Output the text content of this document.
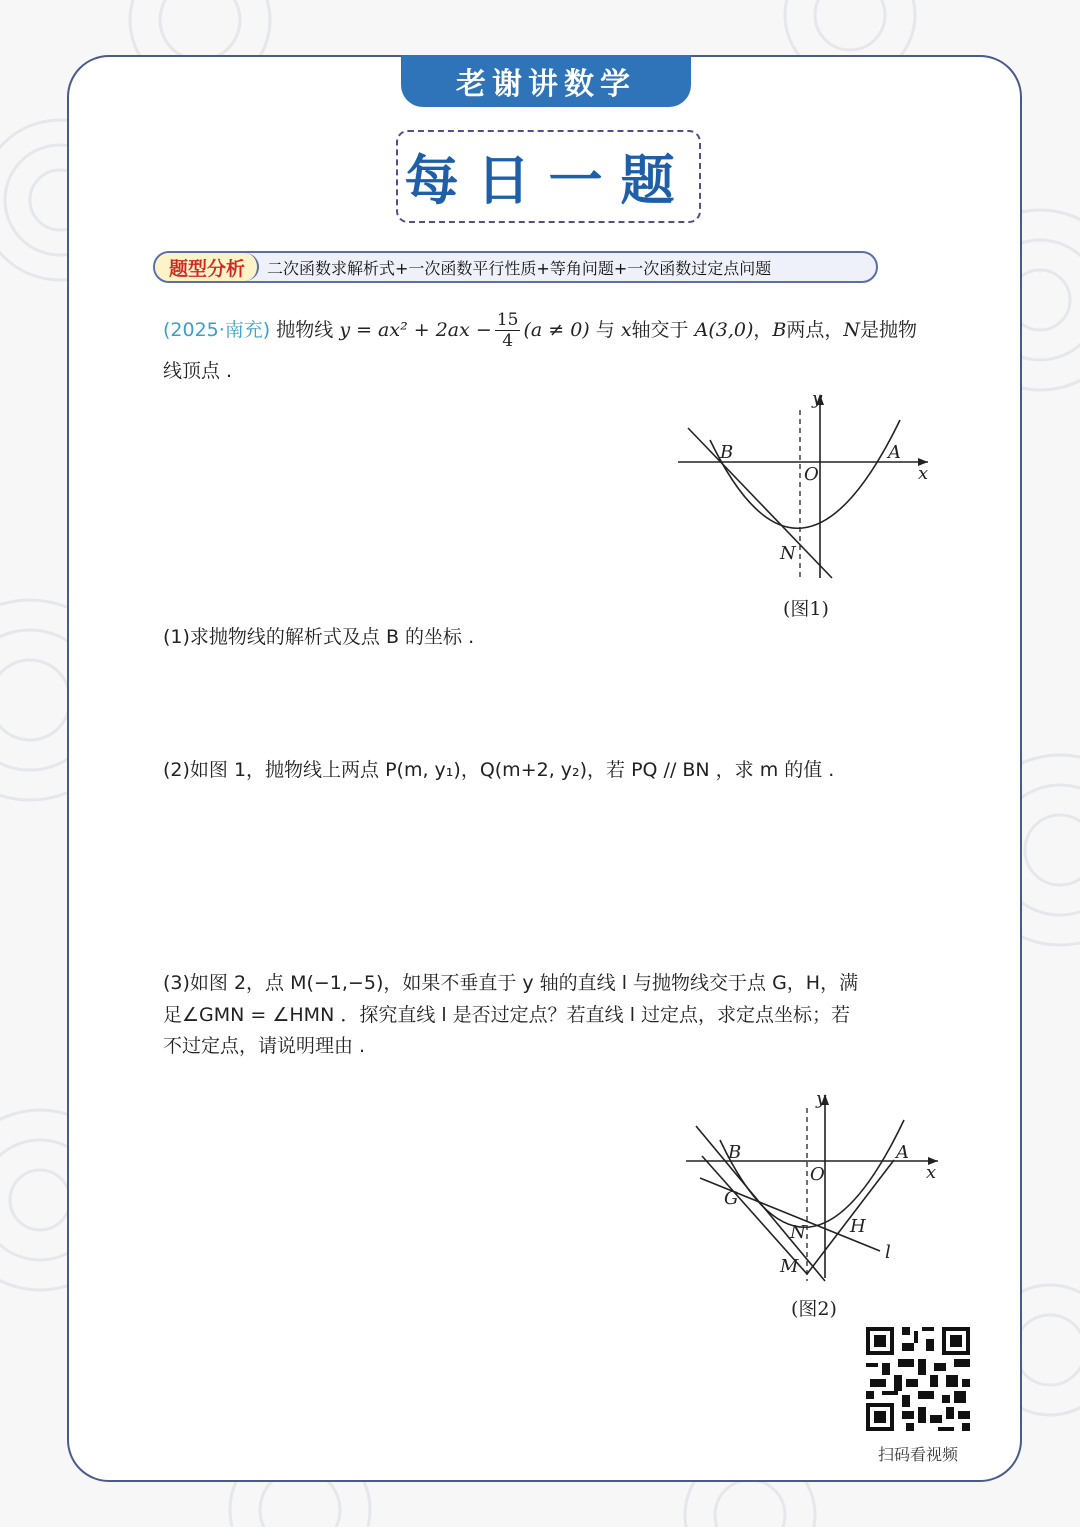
老谢讲数学
每日一题
题型分析	二次函数求解析式+一次函数平行性质+等角问题+一次函数过定点问题
(2025·南充) 抛物线 $y = ax^2 + 2ax - \frac{15}{4} (a \ne 0)$ 与 x轴交于 A(3,0)，B两点，N是抛物
线顶点 .
y
x
O
A
B
N
(图1)
(1)求抛物线的解析式及点 B 的坐标 .
(2)如图 1，抛物线上两点 P(m, y₁)，Q(m+2, y₂)，若 PQ // BN ，求 m 的值 .
(3)如图 2，点 M(−1,−5)，如果不垂直于 y 轴的直线 l 与抛物线交于点 G，H，满
足∠GMN = ∠HMN ．探究直线 l 是否过定点？若直线 l 过定点，求定点坐标；若
不过定点，请说明理由 .
y
x
O
A
B
N
G
H
M
l
(图2)
扫码看视频
